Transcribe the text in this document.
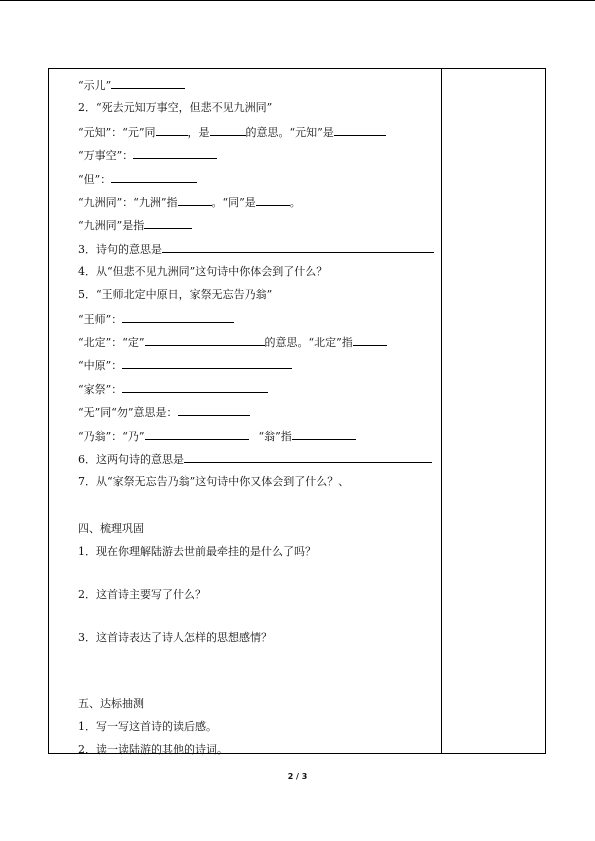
“示儿”
2．“死去元知万事空，但悲不见九洲同”
“元知”：“元”同	，是	的意思。“元知”是
“万事空”：
“但”：
“九洲同”：“九洲”指	。“同”是	。
“九洲同”是指
3．诗句的意思是
4．从“但悲不见九洲同”这句诗中你体会到了什么？
5．“王师北定中原日，家祭无忘告乃翁”
“王师”：
“北定”：“定”	的意思。“北定”指
“中原”：
“家祭”：
“无”同“勿”意思是：
“乃翁”：“乃”	“翁”指
6．这两句诗的意思是
7．从“家祭无忘告乃翁”这句诗中你又体会到了什么？、
四、梳理巩固
1．现在你理解陆游去世前最牵挂的是什么了吗？
2．这首诗主要写了什么？
3．这首诗表达了诗人怎样的思想感情？
五、达标抽测
1．写一写这首诗的读后感。
2．读一读陆游的其他的诗词。
2 / 3
